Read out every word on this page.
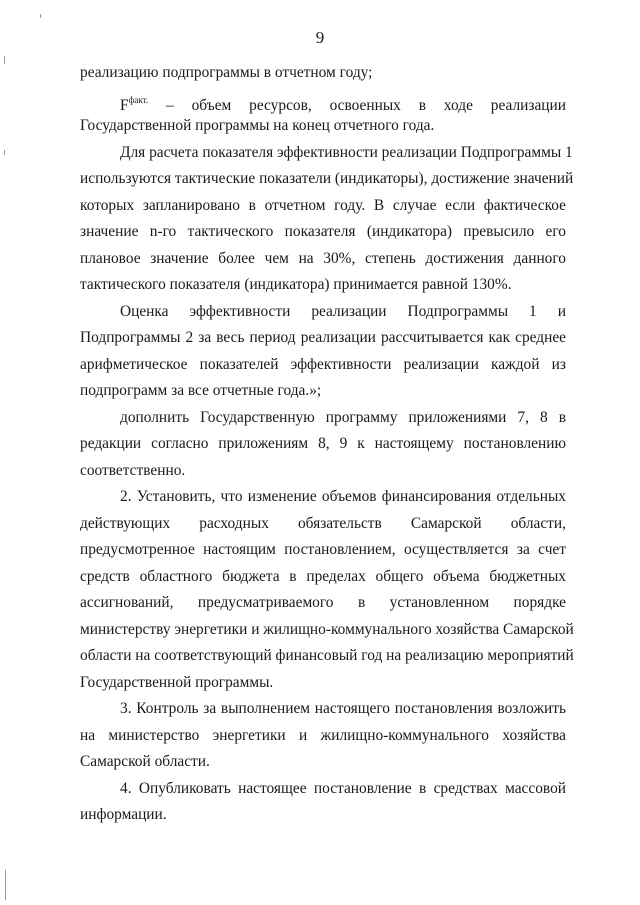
9
реализацию подпрограммы в отчетном году;
$F^{факт.}$ – объем ресурсов, освоенных в ходе реализации
Государственной программы на конец отчетного года.
Для расчета показателя эффективности реализации Подпрограммы 1
используются тактические показатели (индикаторы), достижение значений
которых запланировано в отчетном году. В случае если фактическое
значение n-го тактического показателя (индикатора) превысило его
плановое значение более чем на 30%, степень достижения данного
тактического показателя (индикатора) принимается равной 130%.
Оценка эффективности реализации Подпрограммы 1 и
Подпрограммы 2 за весь период реализации рассчитывается как среднее
арифметическое показателей эффективности реализации каждой из
подпрограмм за все отчетные года.»;
дополнить Государственную программу приложениями 7, 8 в
редакции согласно приложениям 8, 9 к настоящему постановлению
соответственно.
2. Установить, что изменение объемов финансирования отдельных
действующих расходных обязательств Самарской области,
предусмотренное настоящим постановлением, осуществляется за счет
средств областного бюджета в пределах общего объема бюджетных
ассигнований, предусматриваемого в установленном порядке
министерству энергетики и жилищно-коммунального хозяйства Самарской
области на соответствующий финансовый год на реализацию мероприятий
Государственной программы.
3. Контроль за выполнением настоящего постановления возложить
на министерство энергетики и жилищно-коммунального хозяйства
Самарской области.
4. Опубликовать настоящее постановление в средствах массовой
информации.
